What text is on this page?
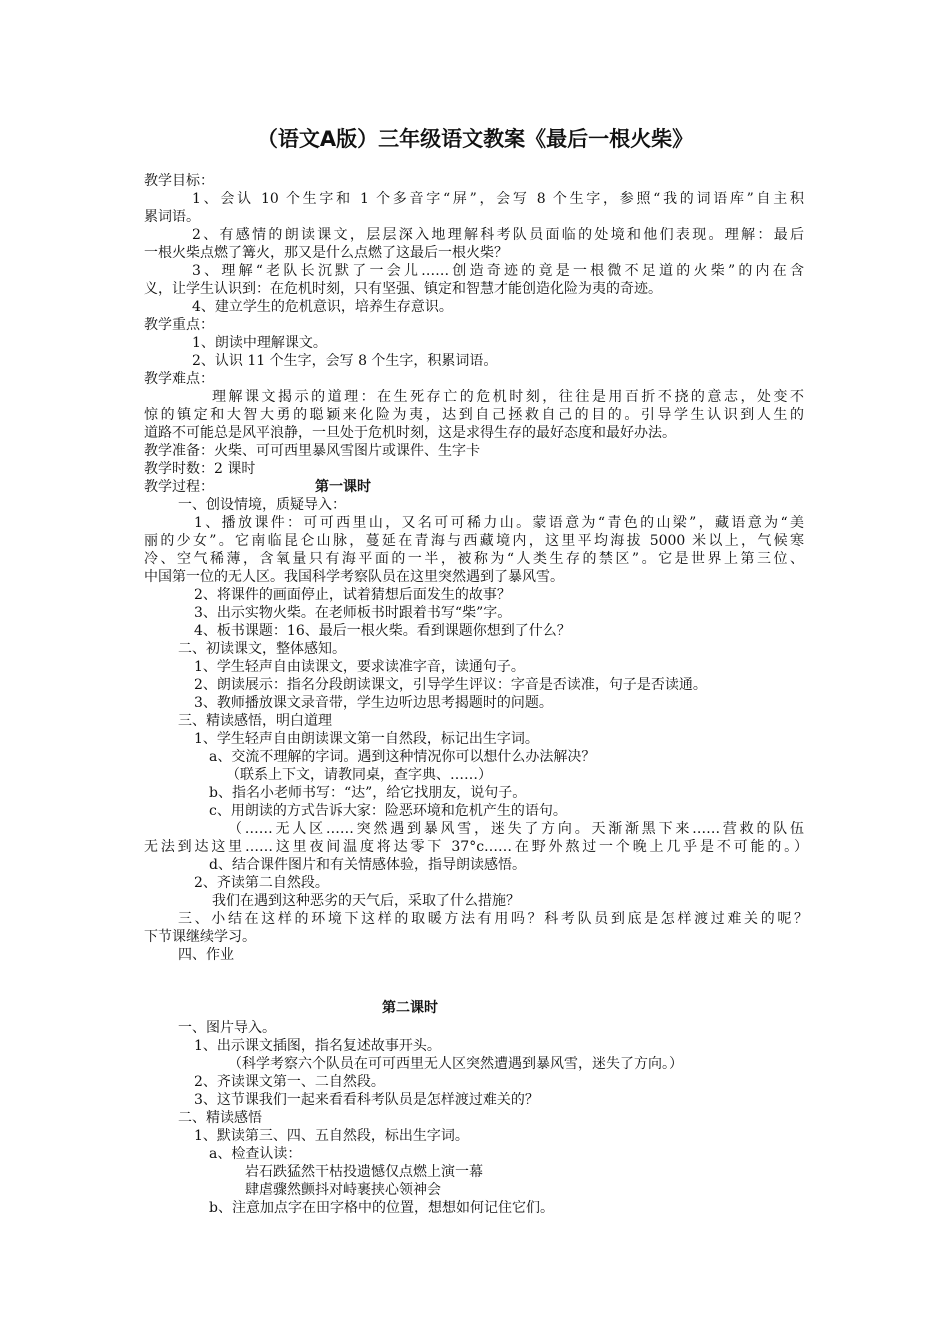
（语文A版）三年级语文教案《最后一根火柴》
教学目标：
1、会认 10 个生字和 1 个多音字“屏”，会写 8 个生字，参照“我的词语库”自主积
累词语。
2、有感情的朗读课文，层层深入地理解科考队员面临的处境和他们表现。理解：最后
一根火柴点燃了篝火，那又是什么点燃了这最后一根火柴？
3、理解“老队长沉默了一会儿……创造奇迹的竟是一根微不足道的火柴”的内在含
义，让学生认识到：在危机时刻，只有坚强、镇定和智慧才能创造化险为夷的奇迹。
4、建立学生的危机意识，培养生存意识。
教学重点：
1、朗读中理解课文。
2、认识 11 个生字，会写 8 个生字，积累词语。
教学难点：
理解课文揭示的道理：在生死存亡的危机时刻，往往是用百折不挠的意志，处变不
惊的镇定和大智大勇的聪颖来化险为夷，达到自己拯救自己的目的。引导学生认识到人生的
道路不可能总是风平浪静，一旦处于危机时刻，这是求得生存的最好态度和最好办法。
教学准备：火柴、可可西里暴风雪图片或课件、生字卡
教学时数：2 课时
教学过程：	第一课时
一、创设情境，质疑导入：
1、播放课件：可可西里山，又名可可稀力山。蒙语意为“青色的山梁”，藏语意为“美
丽的少女”。它南临昆仑山脉，蔓延在青海与西藏境内，这里平均海拔 5000 米以上，气候寒
冷、空气稀薄，含氧量只有海平面的一半，被称为“人类生存的禁区”。它是世界上第三位、
中国第一位的无人区。我国科学考察队员在这里突然遇到了暴风雪。
2、将课件的画面停止，试着猜想后面发生的故事？
3、出示实物火柴。在老师板书时跟着书写“柴”字。
4、板书课题：16、最后一根火柴。看到课题你想到了什么？
二、初读课文，整体感知。
1、学生轻声自由读课文，要求读准字音，读通句子。
2、朗读展示：指名分段朗读课文，引导学生评议：字音是否读准，句子是否读通。
3、教师播放课文录音带，学生边听边思考揭题时的问题。
三、精读感悟，明白道理
1、学生轻声自由朗读课文第一自然段，标记出生字词。
a、交流不理解的字词。遇到这种情况你可以想什么办法解决？
（联系上下文，请教同桌，查字典、……）
b、指名小老师书写：“达”，给它找朋友，说句子。
c、用朗读的方式告诉大家：险恶环境和危机产生的语句。
（……无人区……突然遇到暴风雪，迷失了方向。天渐渐黑下来……营救的队伍
无法到达这里……这里夜间温度将达零下 37°c……在野外熬过一个晚上几乎是不可能的。）
d、结合课件图片和有关情感体验，指导朗读感悟。
2、齐读第二自然段。
我们在遇到这种恶劣的天气后，采取了什么措施？
三、小结在这样的环境下这样的取暖方法有用吗？科考队员到底是怎样渡过难关的呢？
下节课继续学习。
四、作业
第二课时
一、图片导入。
1、出示课文插图，指名复述故事开头。
（科学考察六个队员在可可西里无人区突然遭遇到暴风雪，迷失了方向。）
2、齐读课文第一、二自然段。
3、这节课我们一起来看看科考队员是怎样渡过难关的？
二、精读感悟
1、默读第三、四、五自然段，标出生字词。
a、检查认读：
岩石跌猛然干枯投遗憾仅点燃上演一幕
肆虐骤然颤抖对峙裹挟心领神会
b、注意加点字在田字格中的位置，想想如何记住它们。
